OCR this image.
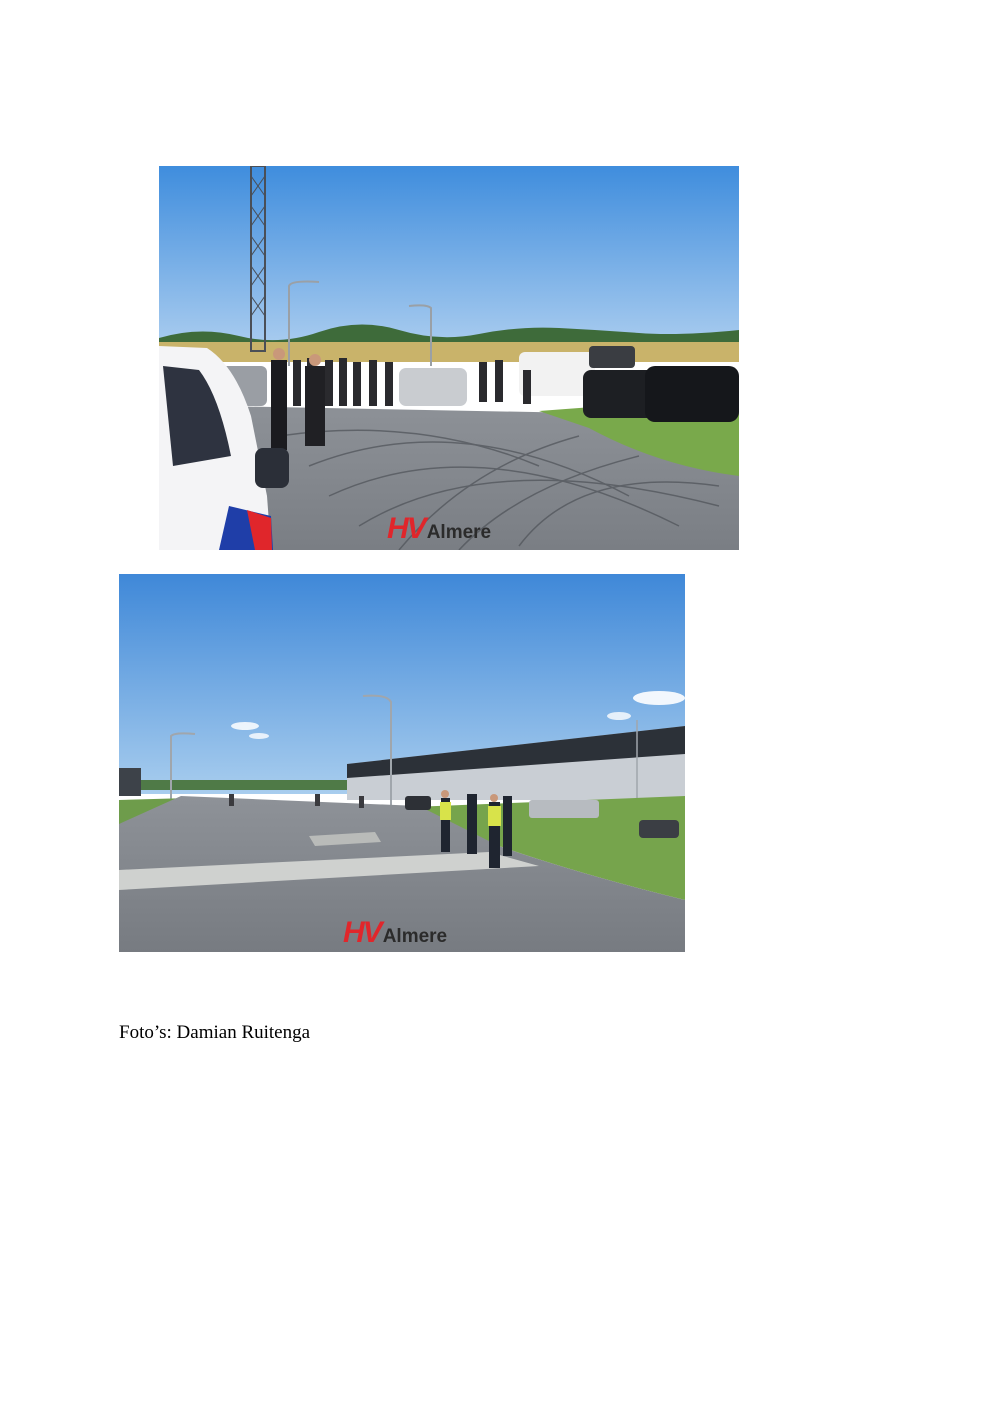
HV Almere
HV Almere
Foto’s: Damian Ruitenga
